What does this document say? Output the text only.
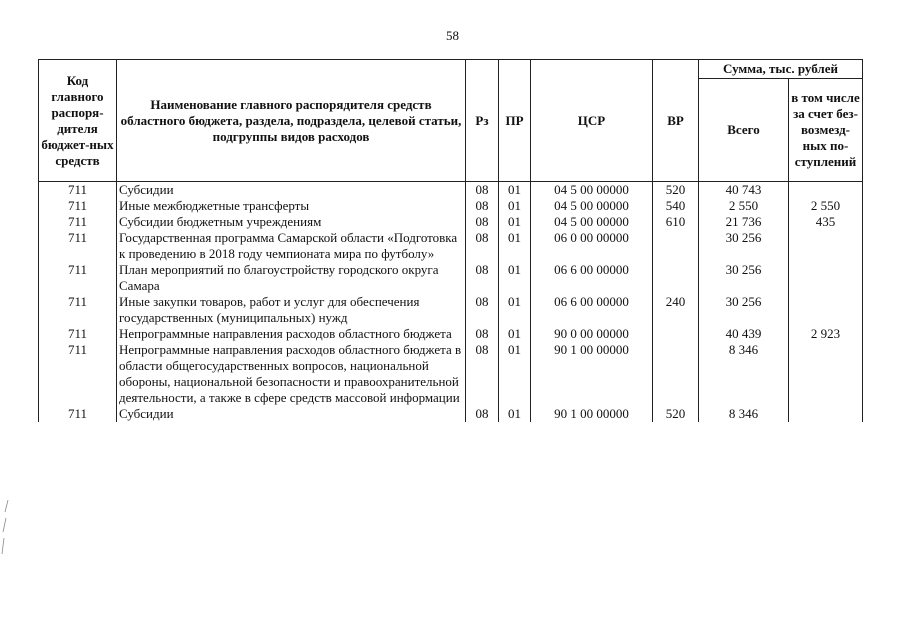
58
Код главного распоря-дителя бюджет-ных средств	Наименование главного распорядителя средств областного бюджета, раздела, подраздела, целевой статьи, подгруппы видов расходов	Рз	ПР	ЦСР	ВР	Сумма, тыс. рублей	
						Всего	в том числе за счет без-возмезд-ных по-ступлений
711	Субсидии	08	01	04 5 00 00000	520	40 743	
711	Иные межбюджетные трансферты	08	01	04 5 00 00000	540	2 550	2 550
711	Субсидии бюджетным учреждениям	08	01	04 5 00 00000	610	21 736	435
711	Государственная программа Самарской области «Подготовка к проведению в 2018 году чемпионата мира по футболу»	08	01	06 0 00 00000		30 256	
711	План мероприятий по благоустройству городского округа Самара	08	01	06 6 00 00000		30 256	
711	Иные закупки товаров, работ и услуг для обеспечения государственных (муниципальных) нужд	08	01	06 6 00 00000	240	30 256	
711	Непрограммные направления расходов областного бюджета	08	01	90 0 00 00000		40 439	2 923
711	Непрограммные направления расходов областного бюджета в области общегосударственных вопросов, национальной обороны, национальной безопасности и правоохранительной деятельности, а также в сфере средств массовой информации	08	01	90 1 00 00000		8 346	
711	Субсидии	08	01	90 1 00 00000	520	8 346	
